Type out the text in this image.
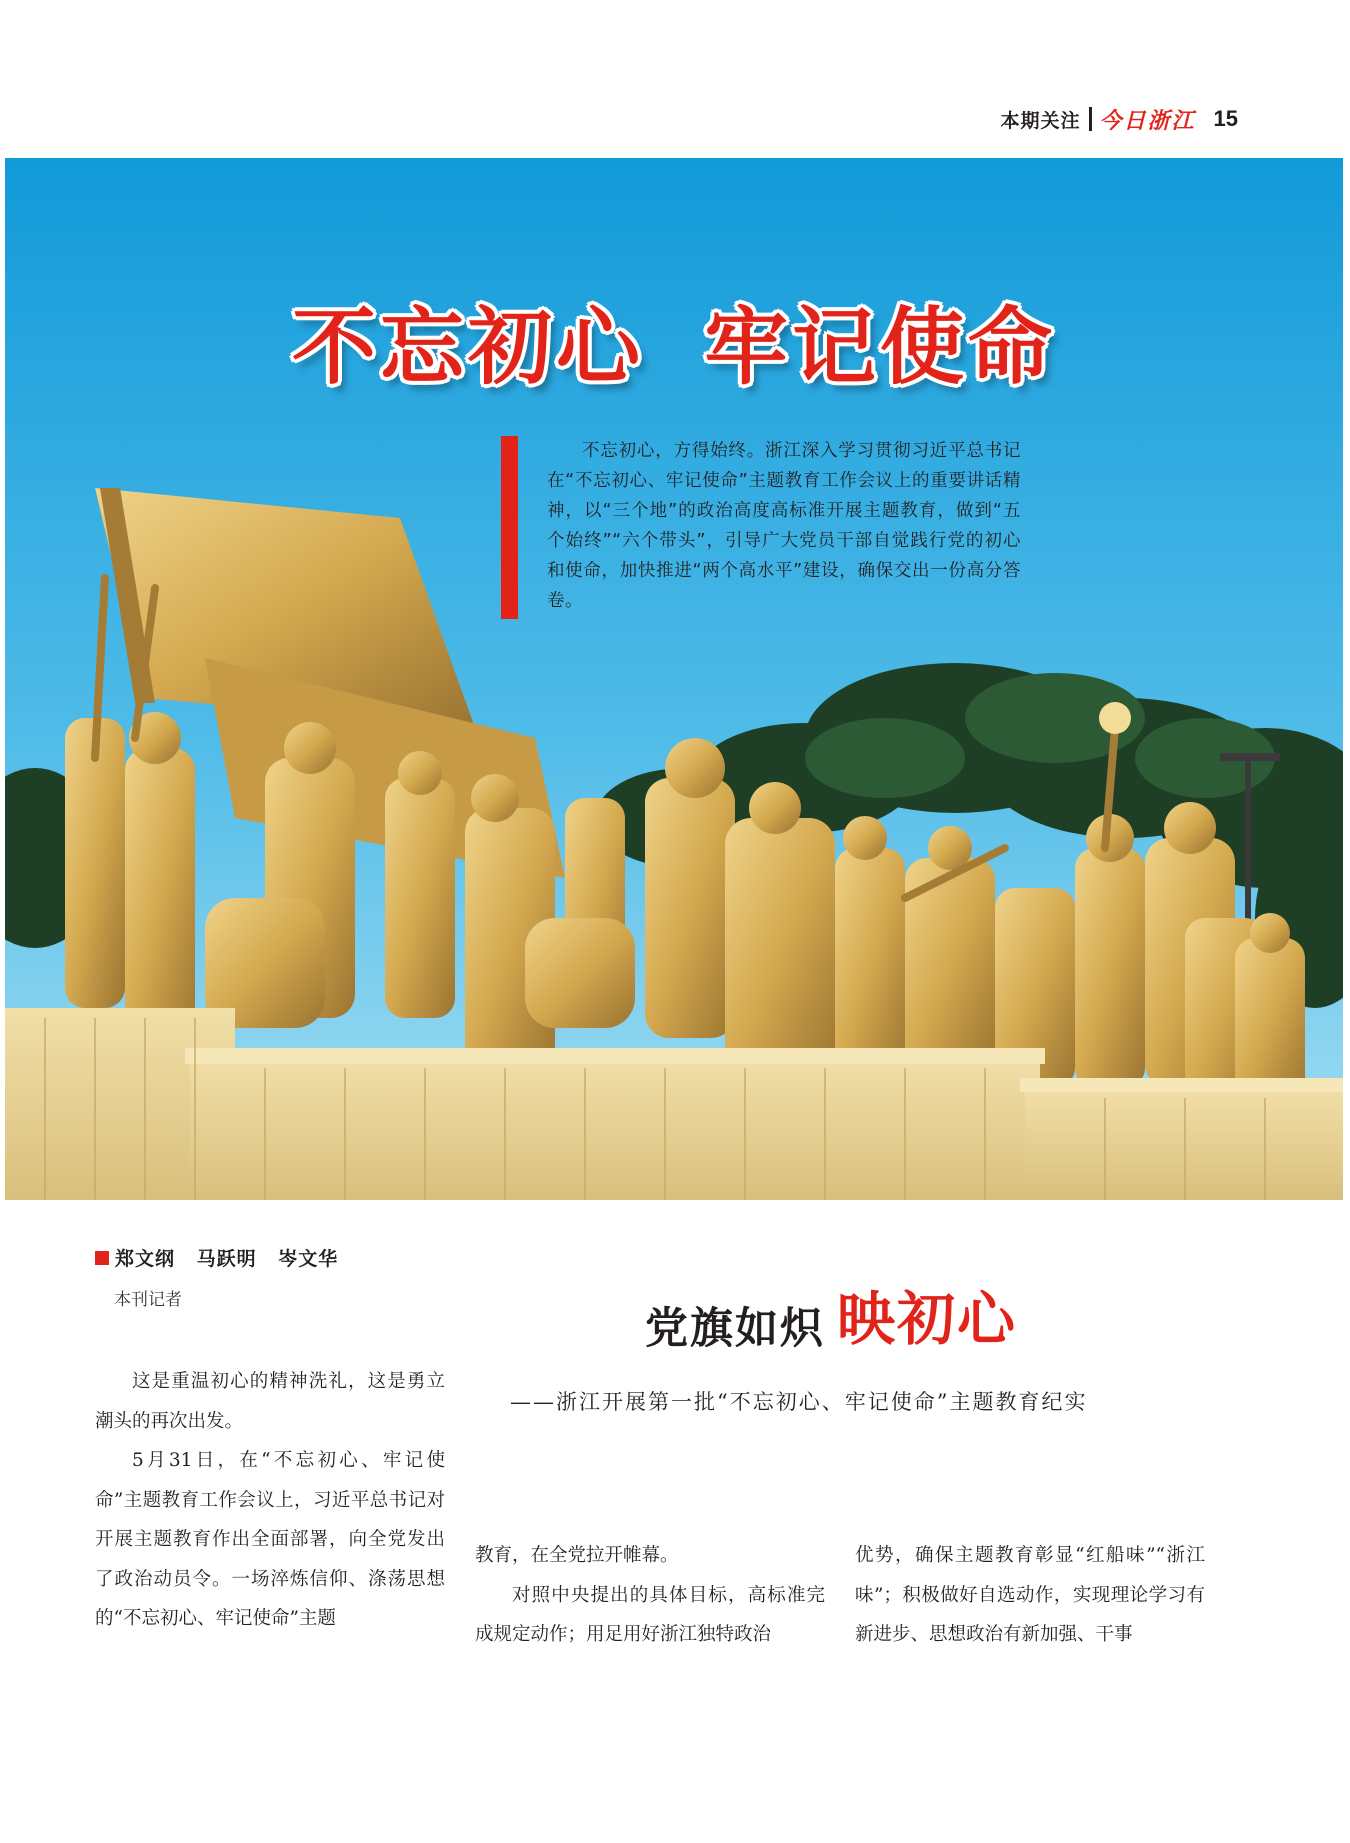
本期关注 今日浙江 15
不忘初心 牢记使命

不忘初心，方得始终。浙江深入学习贯彻习近平总书记在“不忘初心、牢记使命”主题教育工作会议上的重要讲话精神，以“三个地”的政治高度高标准开展主题教育，做到“五个始终”“六个带头”，引导广大党员干部自觉践行党的初心和使命，加快推进“两个高水平”建设，确保交出一份高分答卷。

郑文纲 马跃明 岑文华
本刊记者
党旗如炽 映初心
——浙江开展第一批“不忘初心、牢记使命”主题教育纪实

这是重温初心的精神洗礼，这是勇立潮头的再次出发。

5月31日，在“不忘初心、牢记使命”主题教育工作会议上，习近平总书记对开展主题教育作出全面部署，向全党发出了政治动员令。一场淬炼信仰、涤荡思想的“不忘初心、牢记使命”主题

教育，在全党拉开帷幕。

对照中央提出的具体目标，高标准完成规定动作；用足用好浙江独特政治

优势，确保主题教育彰显“红船味”“浙江味”；积极做好自选动作，实现理论学习有新进步、思想政治有新加强、干事
